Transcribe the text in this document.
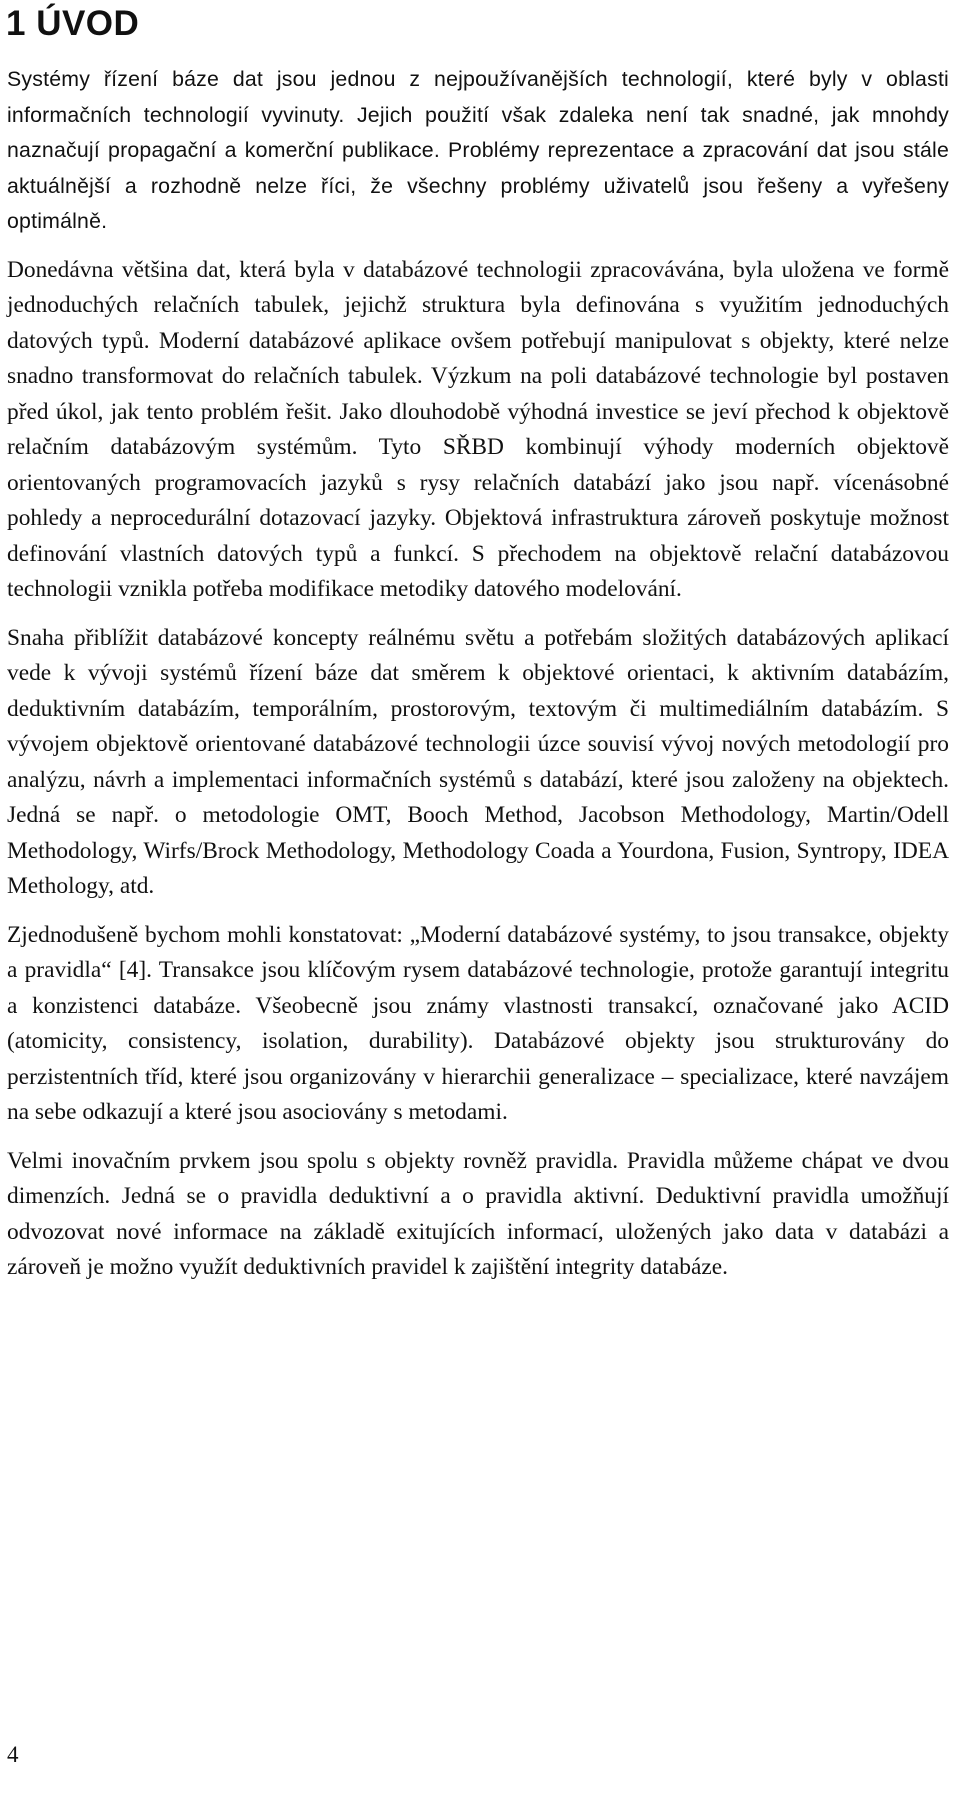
1 ÚVOD

Systémy řízení báze dat jsou jednou z nejpoužívanějších technologií, které byly v oblasti informačních technologií vyvinuty. Jejich použití však zdaleka není tak snadné, jak mnohdy naznačují propagační a komerční publikace. Problémy reprezentace a zpracování dat jsou stále aktuálnější a rozhodně nelze říci, že všechny problémy uživatelů jsou řešeny a vyřešeny optimálně.

Donedávna většina dat, která byla v databázové technologii zpracovávána, byla uložena ve formě jednoduchých relačních tabulek, jejichž struktura byla definována s využitím jednoduchých datových typů. Moderní databázové aplikace ovšem potřebují manipulovat s objekty, které nelze snadno transformovat do relačních tabulek. Výzkum na poli databázové technologie byl postaven před úkol, jak tento problém řešit. Jako dlouhodobě výhodná investice se jeví přechod k objektově relačním databázovým systémům. Tyto SŘBD kombinují výhody moderních objektově orientovaných programovacích jazyků s rysy relačních databází jako jsou např. vícenásobné pohledy a neprocedurální dotazovací jazyky. Objektová infrastruktura zároveň poskytuje možnost definování vlastních datových typů a funkcí. S přechodem na objektově relační databázovou technologii vznikla potřeba modifikace metodiky datového modelování.

Snaha přiblížit databázové koncepty reálnému světu a potřebám složitých databázových aplikací vede k vývoji systémů řízení báze dat směrem k objektové orientaci, k aktivním databázím, deduktivním databázím, temporálním, prostorovým, textovým či multimediálním databázím. S vývojem objektově orientované databázové technologii úzce souvisí vývoj nových metodologií pro analýzu, návrh a implementaci informačních systémů s databází, které jsou založeny na objektech. Jedná se např. o metodologie OMT, Booch Method, Jacobson Methodology, Martin/Odell Methodology, Wirfs/Brock Methodology, Methodology Coada a Yourdona, Fusion, Syntropy, IDEA Methology, atd.

Zjednodušeně bychom mohli konstatovat: „Moderní databázové systémy, to jsou transakce, objekty a pravidla“ [4]. Transakce jsou klíčovým rysem databázové technologie, protože garantují integritu a konzistenci databáze. Všeobecně jsou známy vlastnosti transakcí, označované jako ACID (atomicity, consistency, isolation, durability). Databázové objekty jsou strukturovány do perzistentních tříd, které jsou organizovány v hierarchii generalizace – specializace, které navzájem na sebe odkazují a které jsou asociovány s metodami.

Velmi inovačním prvkem jsou spolu s objekty rovněž pravidla. Pravidla můžeme chápat ve dvou dimenzích. Jedná se o pravidla deduktivní a o pravidla aktivní. Deduktivní pravidla umožňují odvozovat nové informace na základě exitujících informací, uložených jako data v databázi a zároveň je možno využít deduktivních pravidel k zajištění integrity databáze.

4
